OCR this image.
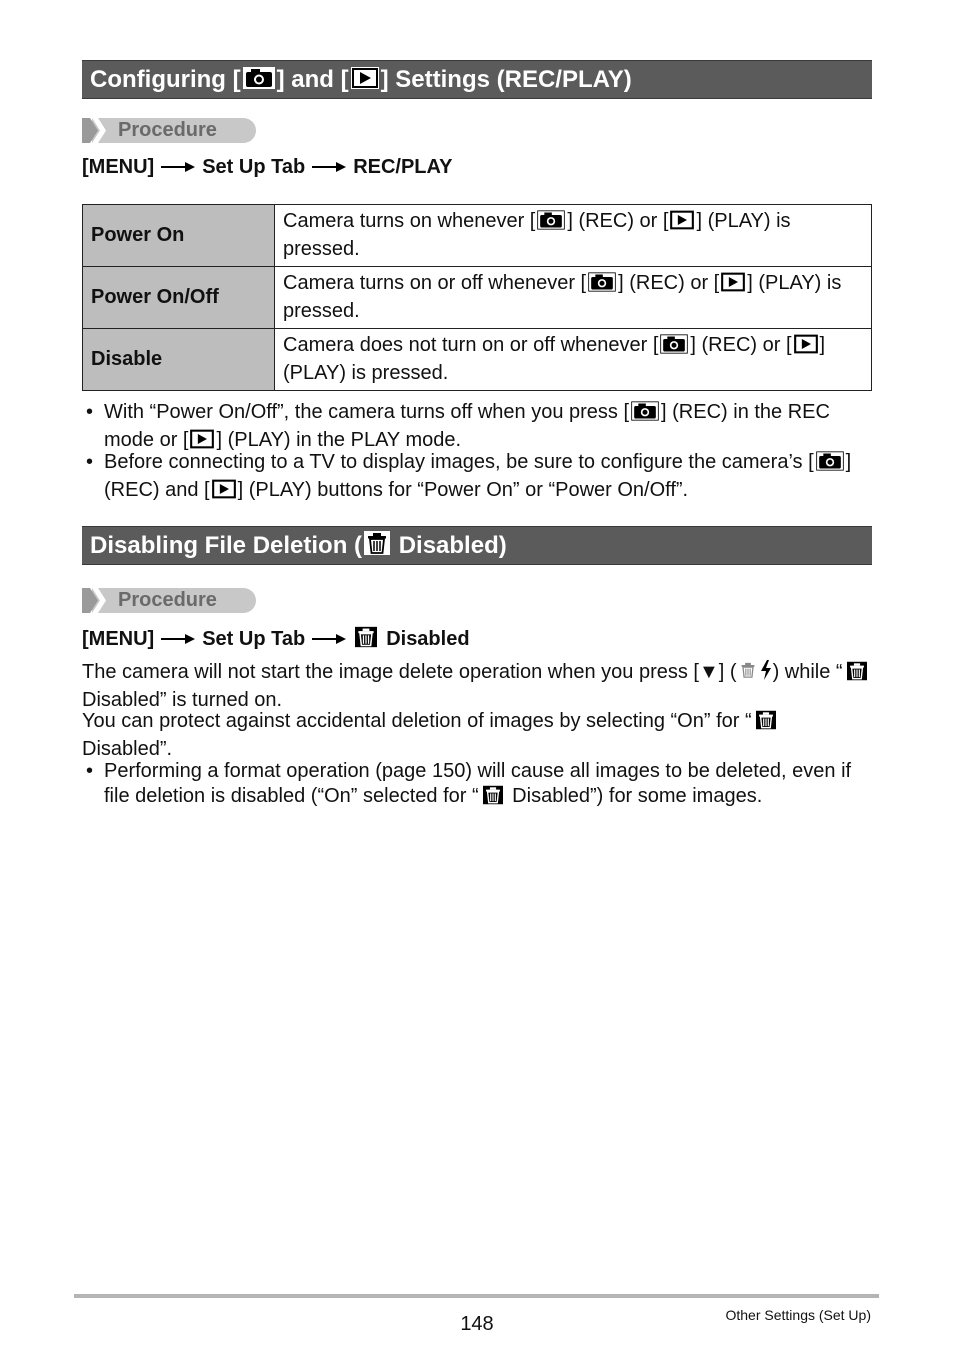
Configuring [ ] and [ ] Settings (REC/PLAY)
Procedure
[MENU] Set Up Tab REC/PLAY
Power On	Camera turns on whenever [ ] (REC) or [ ] (PLAY) is pressed.
Power On/Off	Camera turns on or off whenever [ ] (REC) or [ ] (PLAY) is pressed.
Disable	Camera does not turn on or off whenever [ ] (REC) or [ ] (PLAY) is pressed.
• With “Power On/Off”, the camera turns off when you press [ ] (REC) in the REC mode or [ ] (PLAY) in the PLAY mode.
• Before connecting to a TV to display images, be sure to configure the camera’s [ ] (REC) and [ ] (PLAY) buttons for “Power On” or “Power On/Off”.
Disabling File Deletion ( Disabled)
Procedure
[MENU] Set Up Tab	Disabled
The camera will not start the image delete operation when you press [▼] ( ) while “ Disabled” is turned on.
You can protect against accidental deletion of images by selecting “On” for “ Disabled”.
• Performing a format operation (page 150) will cause all images to be deleted, even if file deletion is disabled (“On” selected for “ Disabled”) for some images.
148	Other Settings (Set Up)
